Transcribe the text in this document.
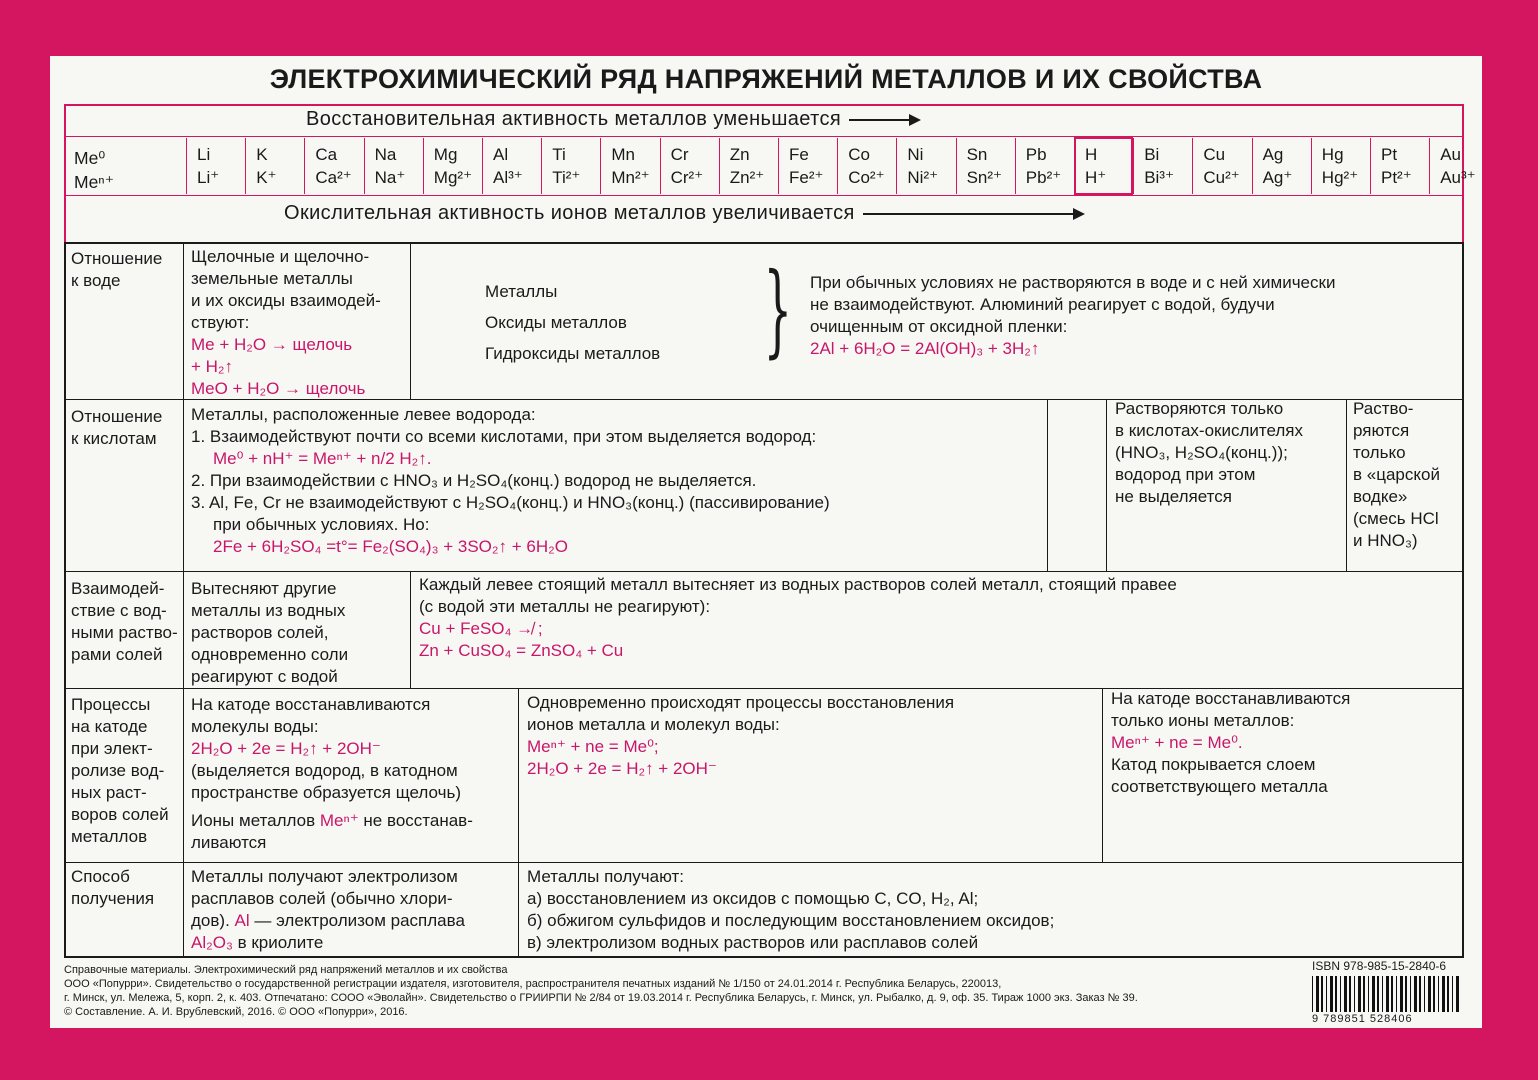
ЭЛЕКТРОХИМИЧЕСКИЙ РЯД НАПРЯЖЕНИЙ МЕТАЛЛОВ И ИХ СВОЙСТВА
Восстановительная активность металлов уменьшается
Окислительная активность ионов металлов увеличивается
Li
Li⁺
K
K⁺
Ca
Ca²⁺
Na
Na⁺
Mg
Mg²⁺
Al
Al³⁺
Ti
Ti²⁺
Mn
Mn²⁺
Cr
Cr²⁺
Zn
Zn²⁺
Fe
Fe²⁺
Co
Co²⁺
Ni
Ni²⁺
Sn
Sn²⁺
Pb
Pb²⁺
H
H⁺
Bi
Bi³⁺
Cu
Cu²⁺
Ag
Ag⁺
Hg
Hg²⁺
Pt
Pt²⁺
Au
Au³⁺
Me⁰
Meⁿ⁺
Отношение
к воде
Щелочные и щелочно-
земельные металлы
и их оксиды взаимодей-
ствуют:
Me + H₂O → щелочь
+ H₂↑
MeO + H₂O → щелочь
Металлы
Оксиды металлов
Гидроксиды металлов } При обычных условиях не растворяются в воде и с ней химически
не взаимодействуют. Алюминий реагирует с водой, будучи
очищенным от оксидной пленки:
2Al + 6H₂O = 2Al(OH)₃ + 3H₂↑
Отношение
к кислотам
Металлы, расположенные левее водорода:
1. Взаимодействуют почти со всеми кислотами, при этом выделяется водород:
Me⁰ + nH⁺ = Meⁿ⁺ + n/2 H₂↑.
2. При взаимодействии с HNO₃ и H₂SO₄(конц.) водород не выделяется.
3. Al, Fe, Cr не взаимодействуют с H₂SO₄(конц.) и HNO₃(конц.) (пассивирование)
при обычных условиях. Но:
2Fe + 6H₂SO₄ =t°= Fe₂(SO₄)₃ + 3SO₂↑ + 6H₂O
Растворяются только
в кислотах-окислителях
(HNO₃, H₂SO₄(конц.));
водород при этом
не выделяется
Раство-
ряются
только
в «царской
водке»
(смесь HCl
и HNO₃)
Взаимодей-
ствие с вод-
ными раство-
рами солей
Вытесняют другие
металлы из водных
растворов солей,
одновременно соли
реагируют с водой
Каждый левее стоящий металл вытесняет из водных растворов солей металл, стоящий правее
(с водой эти металлы не реагируют):
Cu + FeSO₄ ↛ ;
Zn + CuSO₄ = ZnSO₄ + Cu
Процессы
на катоде
при элект-
ролизе вод-
ных раст-
воров солей
металлов
На катоде восстанавливаются
молекулы воды:
2H₂O + 2e = H₂↑ + 2OH⁻
(выделяется водород, в катодном
пространстве образуется щелочь)
Ионы металлов Meⁿ⁺ не восстанав-
ливаются
Одновременно происходят процессы восстановления
ионов металла и молекул воды:
Meⁿ⁺ + ne = Me⁰;
2H₂O + 2e = H₂↑ + 2OH⁻
На катоде восстанавливаются
только ионы металлов:
Meⁿ⁺ + ne = Me⁰.
Катод покрывается слоем
соответствующего металла
Способ
получения
Металлы получают электролизом
расплавов солей (обычно хлори-
дов). Al — электролизом расплава
Al₂O₃ в криолите
Металлы получают:
а) восстановлением из оксидов с помощью C, CO, H₂, Al;
б) обжигом сульфидов и последующим восстановлением оксидов;
в) электролизом водных растворов или расплавов солей
Справочные материалы. Электрохимический ряд напряжений металлов и их свойства
ООО «Попурри». Свидетельство о государственной регистрации издателя, изготовителя, распространителя печатных изданий № 1/150 от 24.01.2014 г. Республика Беларусь, 220013,
г. Минск, ул. Мележа, 5, корп. 2, к. 403. Отпечатано: СООО «Эволайн». Свидетельство о ГРИИРПИ № 2/84 от 19.03.2014 г. Республика Беларусь, г. Минск, ул. Рыбалко, д. 9, оф. 35. Тираж 1000 экз. Заказ № 39.
© Составление. А. И. Врублевский, 2016. © ООО «Попурри», 2016.
ISBN 978-985-15-2840-6
9 789851 528406
